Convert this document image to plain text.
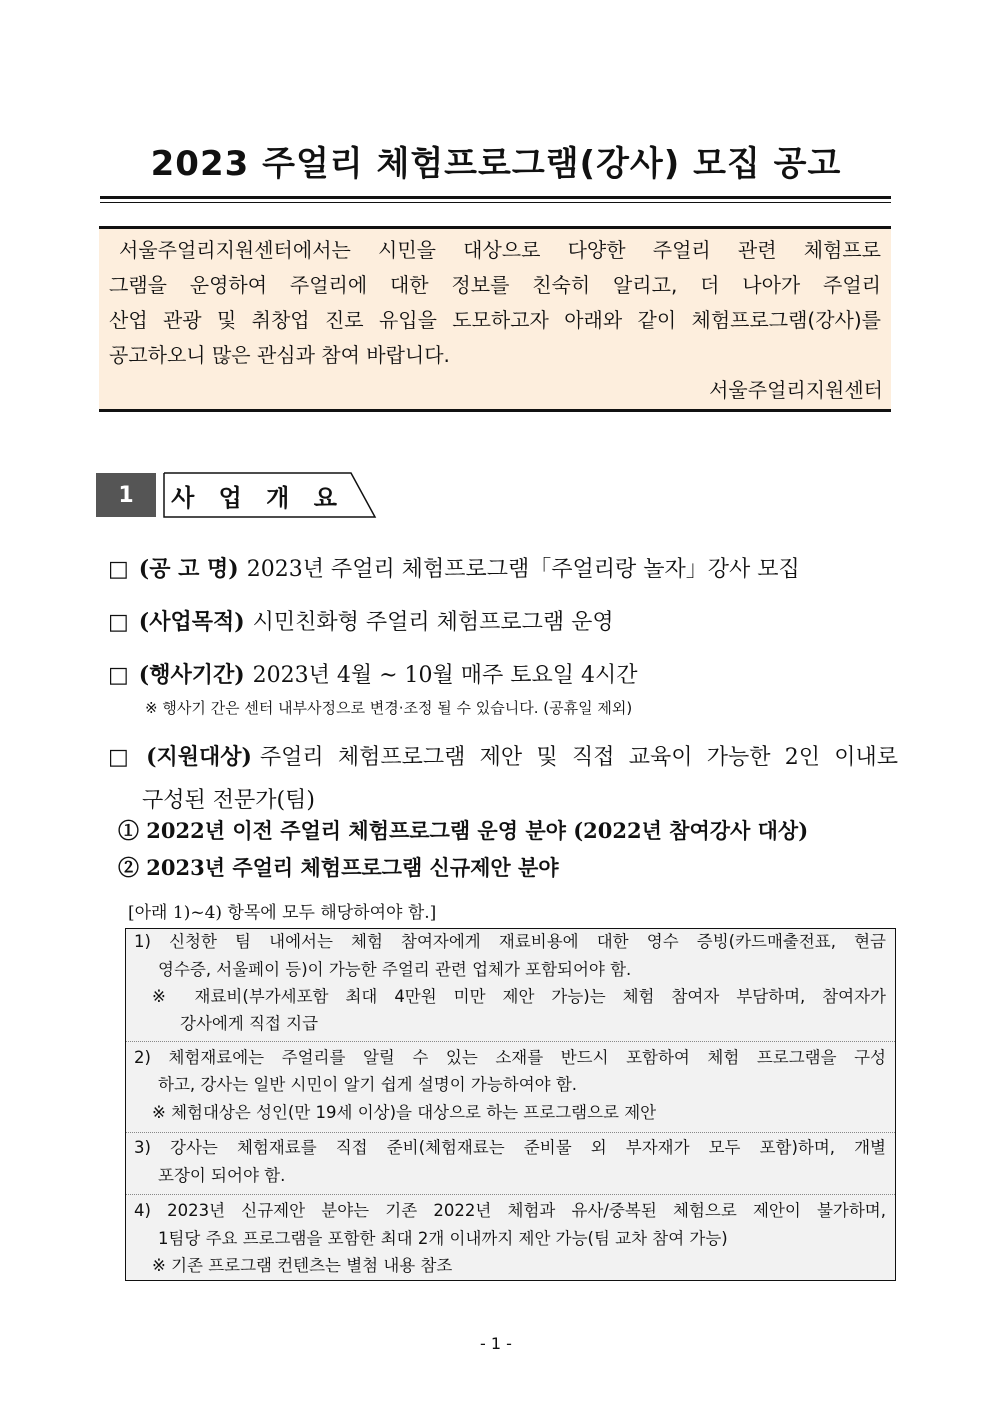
2023 주얼리 체험프로그램(강사) 모집 공고
서울주얼리지원센터에서는 시민을 대상으로 다양한 주얼리 관련 체험프로
그램을 운영하여 주얼리에 대한 정보를 친숙히 알리고, 더 나아가 주얼리
산업 관광 및 취창업 진로 유입을 도모하고자 아래와 같이 체험프로그램(강사)를
공고하오니 많은 관심과 참여 바랍니다.
서울주얼리지원센터
1	사 업 개 요
□ (공 고 명) 2023년 주얼리 체험프로그램「주얼리랑 놀자」강사 모집
□ (사업목적) 시민친화형 주얼리 체험프로그램 운영
□ (행사기간) 2023년 4월 ~ 10월 매주 토요일 4시간
※ 행사기 간은 센터 내부사정으로 변경·조정 될 수 있습니다. (공휴일 제외)
□ (지원대상) 주얼리 체험프로그램 제안 및 직접 교육이 가능한 2인 이내로
구성된 전문가(팀)
① 2022년 이전 주얼리 체험프로그램 운영 분야 (2022년 참여강사 대상)
② 2023년 주얼리 체험프로그램 신규제안 분야
[아래 1)~4) 항목에 모두 해당하여야 함.]
1) 신청한 팀 내에서는 체험 참여자에게 재료비용에 대한 영수 증빙(카드매출전표, 현금
영수증, 서울페이 등)이 가능한 주얼리 관련 업체가 포함되어야 함.
※ 재료비(부가세포함 최대 4만원 미만 제안 가능)는 체험 참여자 부담하며, 참여자가
강사에게 직접 지급
2) 체험재료에는 주얼리를 알릴 수 있는 소재를 반드시 포함하여 체험 프로그램을 구성
하고, 강사는 일반 시민이 알기 쉽게 설명이 가능하여야 함.
※ 체험대상은 성인(만 19세 이상)을 대상으로 하는 프로그램으로 제안
3) 강사는 체험재료를 직접 준비(체험재료는 준비물 외 부자재가 모두 포함)하며, 개별
포장이 되어야 함.
4) 2023년 신규제안 분야는 기존 2022년 체험과 유사/중복된 체험으로 제안이 불가하며,
1팀당 주요 프로그램을 포함한 최대 2개 이내까지 제안 가능(팀 교차 참여 가능)
※ 기존 프로그램 컨텐츠는 별첨 내용 참조
- 1 -
